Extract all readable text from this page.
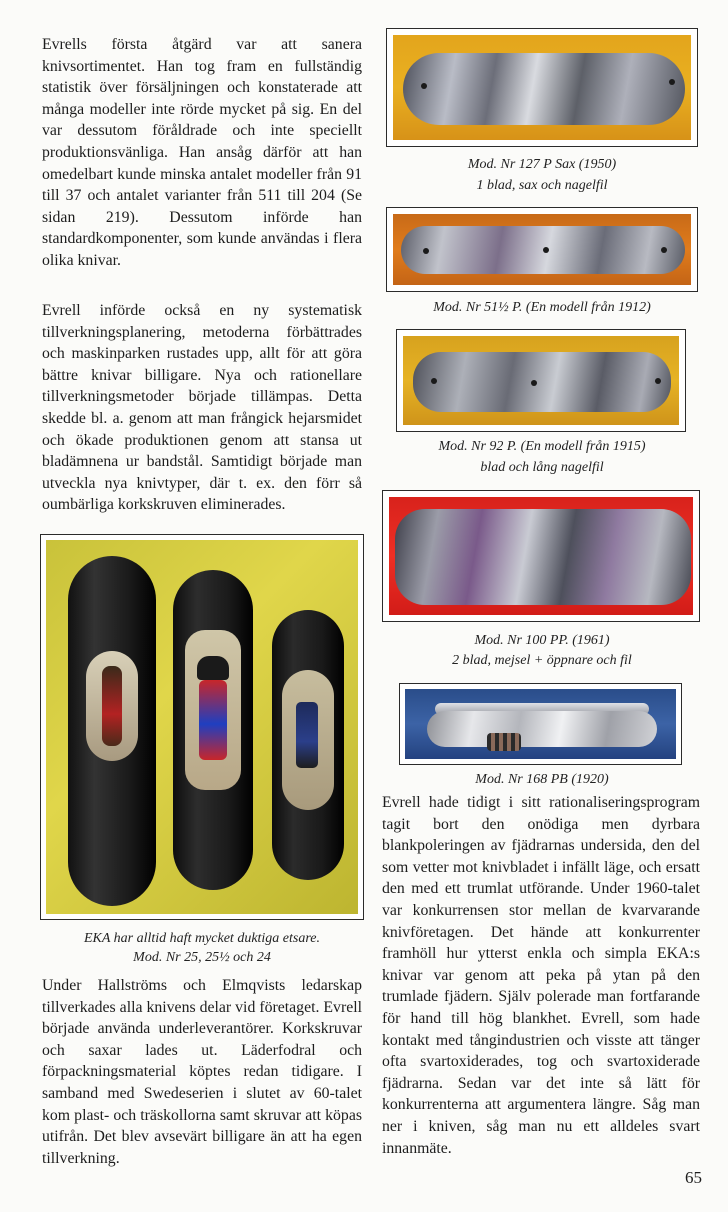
Evrells första åtgärd var att sanera knivsortimentet. Han tog fram en fullständig statistik över försäljningen och konstaterade att många modeller inte rörde mycket på sig. En del var dessutom föråldrade och inte speciellt produktionsvänliga. Han ansåg därför att han omedelbart kunde minska antalet modeller från 91 till 37 och antalet varianter från 511 till 204 (Se sidan 219). Dessutom införde han standardkomponenter, som kunde användas i flera olika knivar.

Evrell införde också en ny systematisk tillverkningsplanering, metoderna förbättrades och maskinparken rustades upp, allt för att göra bättre knivar billigare. Nya och rationellare tillverkningsmetoder började tillämpas. Detta skedde bl. a. genom att man frångick hejarsmidet och ökade produktionen genom att stansa ut bladämnena ur bandstål. Samtidigt började man utveckla nya knivtyper, där t. ex. den förr så oumbärliga korkskruven eliminerades.

EKA har alltid haft mycket duktiga etsare.

Mod. Nr 25, 25½ och 24

Under Hallströms och Elmqvists ledarskap tillverkades alla knivens delar vid företaget. Evrell började använda underleverantörer. Korkskruvar och saxar lades ut. Läderfodral och förpackningsmaterial köptes redan tidigare. I samband med Swedeserien i slutet av 60-talet kom plast- och träskollorna samt skruvar att köpas utifrån. Det blev avsevärt billigare än att ha egen tillverkning.

Mod. Nr 127 P Sax (1950)

1 blad, sax och nagelfil

Mod. Nr 51½ P. (En modell från 1912)

Mod. Nr 92 P. (En modell från 1915)

blad och lång nagelfil

Mod. Nr 100 PP. (1961)

2 blad, mejsel + öppnare och fil

Mod. Nr 168 PB (1920)

Evrell hade tidigt i sitt rationaliseringsprogram tagit bort den onödiga men dyrbara blankpoleringen av fjädrarnas undersida, den del som vetter mot knivbladet i infällt läge, och ersatt den med ett trumlat utförande. Under 1960-talet var konkurrensen stor mellan de kvarvarande knivföretagen. Det hände att konkurrenter framhöll hur ytterst enkla och simpla EKA:s knivar var genom att peka på ytan på den trumlade fjädern. Själv polerade man fortfarande för hand till hög blankhet. Evrell, som hade kontakt med tångindustrien och visste att tänger ofta svartoxiderades, tog och svartoxiderade fjädrarna. Sedan var det inte så lätt för konkurrenterna att argumentera längre. Såg man ner i kniven, såg man nu ett alldeles svart innanmäte.

65
